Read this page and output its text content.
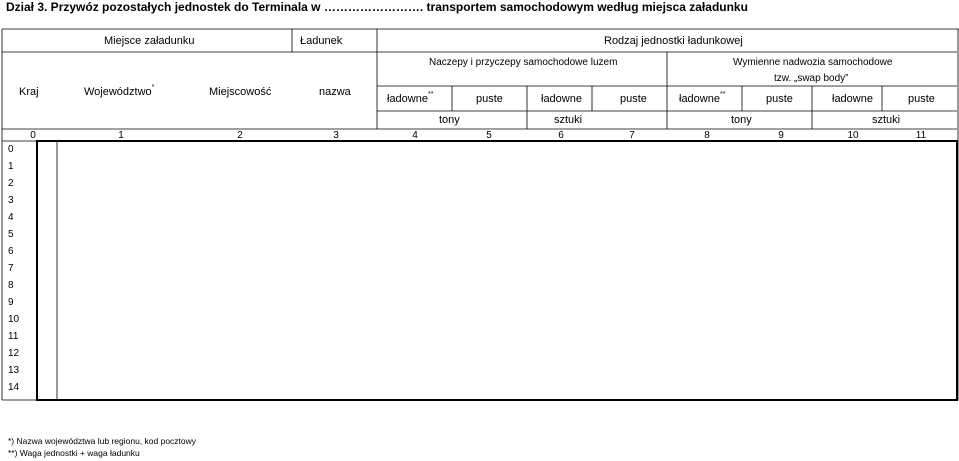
Dział 3. Przywóz pozostałych jednostek do Terminala w ……………………. transportem samochodowym według miejsca załadunku
Miejsce załadunku	Ładunek	Rodzaj jednostki ładunkowej
Naczepy i przyczepy samochodowe luzem	Wymienne nadwozia samochodowe
tzw. „swap body”
Kraj	Województwo*	Miejscowość	nazwa
ładowne**	puste	ładowne	puste	ładowne**	puste	ładowne	puste
tony	sztuki	tony	sztuki
0	1	2	3	4	5	6	7	8	9	10	11
0
1
2
3
4
5
6
7
8
9
10
11
12
13
14
*) Nazwa województwa lub regionu, kod pocztowy
**) Waga jednostki + waga ładunku
